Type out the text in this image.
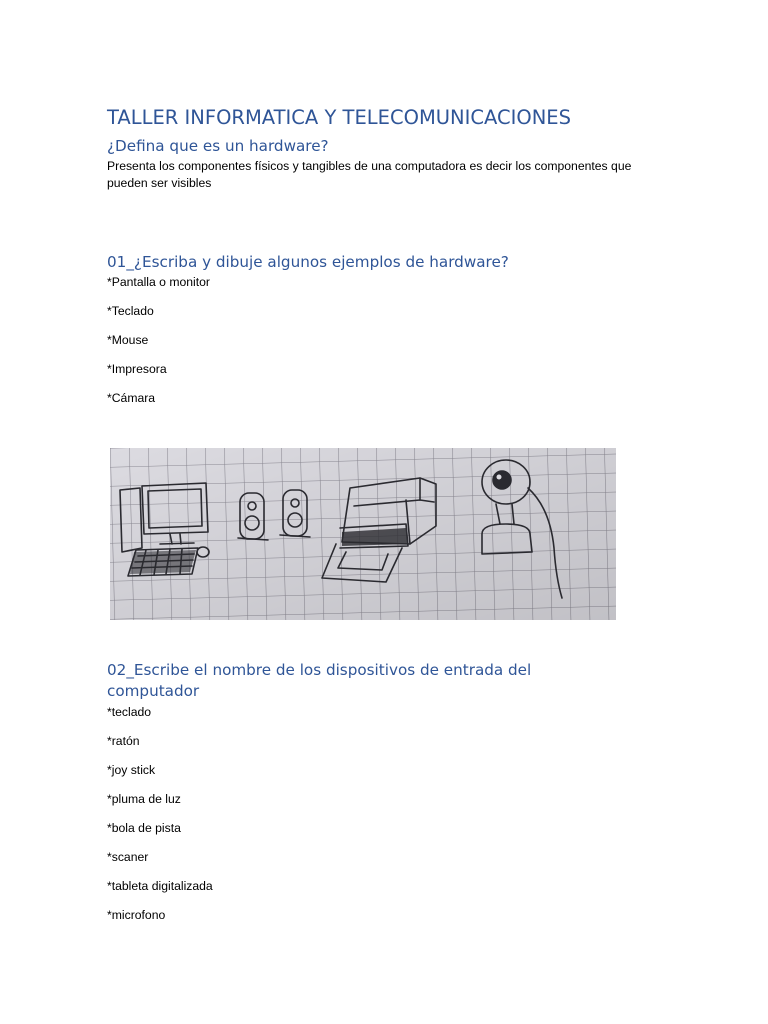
TALLER INFORMATICA Y TELECOMUNICACIONES
¿Defina que es un hardware?
Presenta los componentes físicos y tangibles de una computadora es decir los componentes que pueden ser visibles
01_¿Escriba y dibuje algunos ejemplos de hardware?
*Pantalla o monitor
*Teclado
*Mouse
*Impresora
*Cámara
02_Escribe el nombre de los dispositivos de entrada del computador
*teclado
*ratón
*joy stick
*pluma de luz
*bola de pista
*scaner
*tableta digitalizada
*microfono
